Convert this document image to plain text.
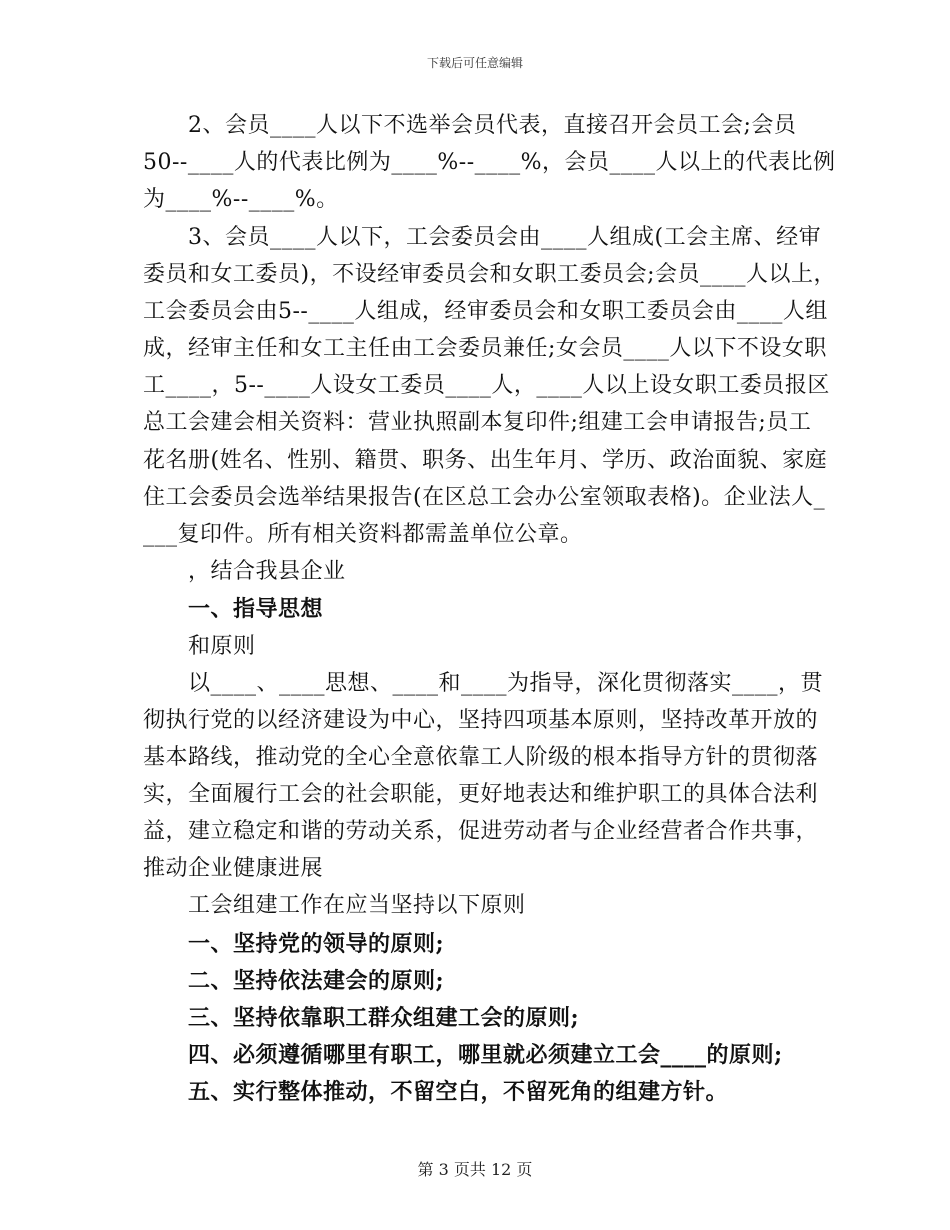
下载后可任意编辑
2、会员____人以下不选举会员代表，直接召开会员工会;会员
50--____人的代表比例为____%--____%，会员____人以上的代表比例
为____%--____%。
3、会员____人以下，工会委员会由____人组成(工会主席、经审
委员和女工委员)，不设经审委员会和女职工委员会;会员____人以上，
工会委员会由5--____人组成，经审委员会和女职工委员会由____人组
成，经审主任和女工主任由工会委员兼任;女会员____人以下不设女职
工____，5--____人设女工委员____人，____人以上设女职工委员报区
总工会建会相关资料：营业执照副本复印件;组建工会申请报告;员工
花名册(姓名、性别、籍贯、职务、出生年月、学历、政治面貌、家庭
住工会委员会选举结果报告(在区总工会办公室领取表格)。企业法人_
___复印件。所有相关资料都需盖单位公章。
，结合我县企业
一、指导思想
和原则
以____、____思想、____和____为指导，深化贯彻落实____，贯
彻执行党的以经济建设为中心，坚持四项基本原则，坚持改革开放的
基本路线，推动党的全心全意依靠工人阶级的根本指导方针的贯彻落
实，全面履行工会的社会职能，更好地表达和维护职工的具体合法利
益，建立稳定和谐的劳动关系，促进劳动者与企业经营者合作共事，
推动企业健康进展
工会组建工作在应当坚持以下原则
一、坚持党的领导的原则;
二、坚持依法建会的原则;
三、坚持依靠职工群众组建工会的原则;
四、必须遵循哪里有职工，哪里就必须建立工会____的原则;
五、实行整体推动，不留空白，不留死角的组建方针。
第 3 页共 12 页
